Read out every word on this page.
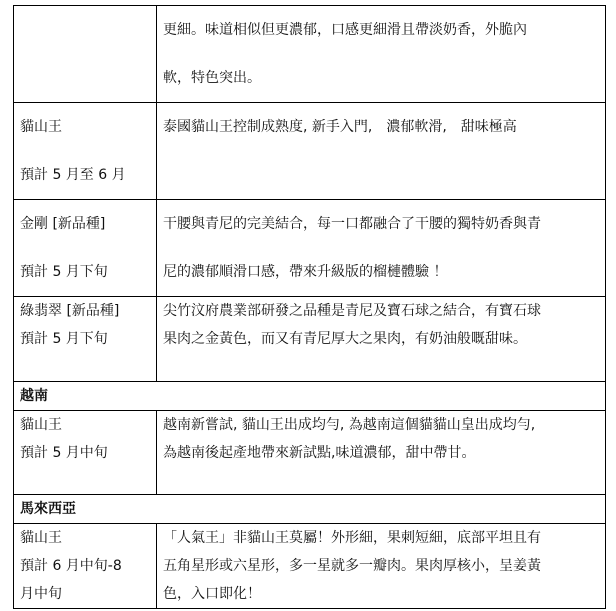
	更細。味道相似但更濃郁，口感更細滑且帶淡奶香，外脆內
軟，特色突出。

貓山王
預計 5 月至 6 月	泰國貓山王控制成熟度, 新手入門,　濃郁軟滑,　甜味極高

金剛 [新品種]
預計 5 月下旬	干腰與青尼的完美結合，每一口都融合了干腰的獨特奶香與青
尼的濃郁順滑口感，帶來升級版的榴槤體驗 ！

綠翡翠 [新品種]
預計 5 月下旬	尖竹汶府農業部研發之品種是青尼及寶石球之結合，有寶石球
果肉之金黃色，而又有青尼厚大之果肉，有奶油般嘅甜味。

越南	

貓山王
預計 5 月中旬	越南新嘗試, 貓山王出成均勻, 為越南這個貓貓山皇出成均勻,
為越南後起產地帶來新試點,味道濃郁，甜中帶甘。

馬來西亞	

貓山王
預計 6 月中旬-8
月中旬	「人氣王」非貓山王莫屬！外形細，果刺短細，底部平坦且有
五角星形或六星形，多一星就多一瓣肉。果肉厚核小，呈姜黃
色，入口即化！
